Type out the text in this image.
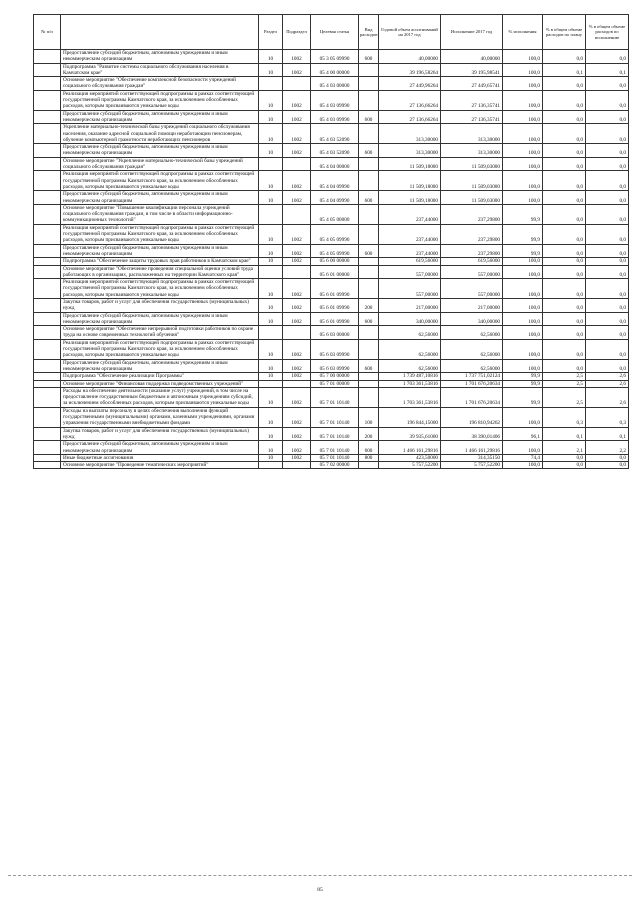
№ п/п		Раздел	Подраздел	Целевая статья	Вид расходов	Годовой объем ассигнований на 2017 год	Исполнение 2017 год	% исполнения	% в общем объеме расходов по плану	% в общем объеме расходов по исполнению
	Предоставление субсидий бюджетным, автономным учреждениям и иным некоммерческим организациям	10	1002	05 3 05 09990	600	40,00000	40,00000	100,0	0,0	0,0
	Подпрограмма "Развитие системы социального обслуживания населения в Камчатском крае"	10	1002	05 4 00 00000		39 196,58264	39 195,98541	100,0	0,1	0,1
	Основное мероприятие "Обеспечение комплексной безопасности учреждений социального обслуживания граждан"			05 4 03 00000		27 449,96264	27 449,65741	100,0	0,0	0,0
	Реализация мероприятий соответствующей подпрограммы в рамках соответствующей государственной программы Камчатского края, за исключением обособленных расходов, которым присваиваются уникальные коды	10	1002	05 4 03 09990		27 136,66264	27 136,35741	100,0	0,0	0,0
	Предоставление субсидий бюджетным, автономным учреждениям и иным некоммерческим организациям	10	1002	05 4 03 09990	600	27 136,66264	27 136,35741	100,0	0,0	0,0
	Укрепление материально-технической базы учреждений социального обслуживания населения, оказание адресной социальной помощи неработающим пенсионерам, обучение компьютерной грамотности неработающих пенсионеров	10	1002	05 4 03 52090		313,30000	313,30000	100,0	0,0	0,0
	Предоставление субсидий бюджетным, автономным учреждениям и иным некоммерческим организациям	10	1002	05 4 03 52090	600	313,30000	313,30000	100,0	0,0	0,0
	Основное мероприятие "Укрепление материально-технической базы учреждений социального обслуживания граждан"			05 4 04 00000		11 509,18000	11 509,03000	100,0	0,0	0,0
	Реализация мероприятий соответствующей подпрограммы в рамках соответствующей государственной программы Камчатского края, за исключением обособленных расходов, которым присваиваются уникальные коды	10	1002	05 4 04 09990		11 509,18000	11 509,03000	100,0	0,0	0,0
	Предоставление субсидий бюджетным, автономным учреждениям и иным некоммерческим организациям	10	1002	05 4 04 09990	600	11 509,18000	11 509,03000	100,0	0,0	0,0
	Основное мероприятие "Повышение квалификации персонала учреждений социального обслуживания граждан, в том числе в области информационно-коммуникационных технологий"			05 4 05 00000		237,44000	237,29800	99,9	0,0	0,0
	Реализация мероприятий соответствующей подпрограммы в рамках соответствующей государственной программы Камчатского края, за исключением обособленных расходов, которым присваиваются уникальные коды	10	1002	05 4 05 09990		237,44000	237,29800	99,9	0,0	0,0
	Предоставление субсидий бюджетным, автономным учреждениям и иным некоммерческим организациям	10	1002	05 4 05 09990	600	237,44000	237,29800	99,9	0,0	0,0
	Подпрограмма "Обеспечение защиты трудовых прав работников в Камчатском крае"	10	1002	05 6 00 00000		619,56000	619,56000	100,0	0,0	0,0
	Основное мероприятие "Обеспечение проведения специальной оценки условий труда работающих в организациях, расположенных на территории Камчатского края"			05 6 01 00000		557,00000	557,00000	100,0	0,0	0,0
	Реализация мероприятий соответствующей подпрограммы в рамках соответствующей государственной программы Камчатского края, за исключением обособленных расходов, которым присваиваются уникальные коды	10	1002	05 6 01 09990		557,00000	557,00000	100,0	0,0	0,0
	Закупка товаров, работ и услуг для обеспечения государственных (муниципальных) нужд	10	1002	05 6 01 09990	200	217,00000	217,00000	100,0	0,0	0,0
	Предоставление субсидий бюджетным, автономным учреждениям и иным некоммерческим организациям	10	1002	05 6 01 09990	600	340,00000	340,00000	100,0	0,0	0,0
	Основное мероприятие "Обеспечение непрерывной подготовки работников по охране труда на основе современных технологий обучения"			05 6 03 00000		62,56000	62,56000	100,0	0,0	0,0
	Реализация мероприятий соответствующей подпрограммы в рамках соответствующей государственной программы Камчатского края, за исключением обособленных расходов, которым присваиваются уникальные коды	10	1002	05 6 03 09990		62,56000	62,56000	100,0	0,0	0,0
	Предоставление субсидий бюджетным, автономным учреждениям и иным некоммерческим организациям	10	1002	05 6 03 09990	600	62,56000	62,56000	100,0	0,0	0,0
	Подпрограмма "Обеспечение реализации Программы"	10	1002	05 7 00 00000		1 739 487,10816	1 737 751,02124	99,9	2,5	2,6
	Основное мероприятие "Финансовая поддержка подведомственных учреждений"			05 7 01 00000		1 703 361,53816	1 701 676,20634	99,9	2,5	2,6
	Расходы на обеспечение деятельности (оказание услуг) учреждений, в том числе на предоставление государственным бюджетным и автономным учреждениям субсидий, за исключением обособленных расходов, которым присваиваются уникальные коды	10	1002	05 7 01 10140		1 703 361,53816	1 701 676,20634	99,9	2,5	2,6
	Расходы на выплаты персоналу в целях обеспечения выполнения функций государственными (муниципальными) органами, казенными учреждениями, органами управления государственными внебюджетными фондами	10	1002	05 7 01 10140	100	196 844,15000	196 810,94262	100,0	0,3	0,3
	Закупка товаров, работ и услуг для обеспечения государственных (муниципальных) нужд	10	1002	05 7 01 10140	200	39 935,61000	38 390,01406	96,1	0,1	0,1
	Предоставление субсидий бюджетным, автономным учреждениям и иным некоммерческим организациям	10	1002	05 7 01 10140	600	1 466 161,29816	1 466 161,29816	100,0	2,1	2,2
	Иные бюджетные ассигнования	10	1002	05 7 01 10140	800	423,50000	314,35150	74,4	0,0	0,0
	Основное мероприятие "Проведение тематических мероприятий"			05 7 02 00000		5 757,52200	5 757,52200	100,0	0,0	0,0
85
